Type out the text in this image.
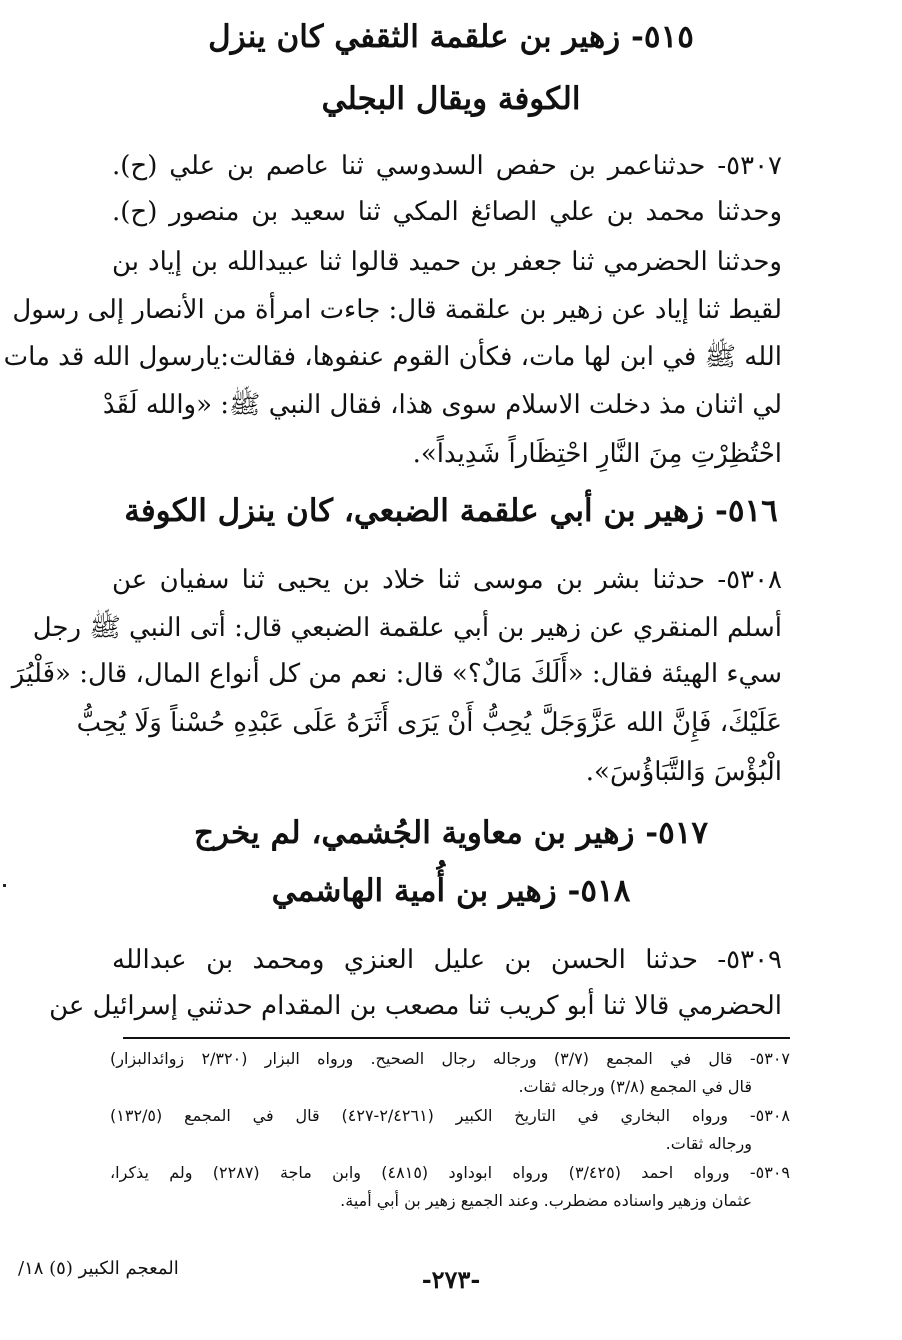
٥١٥- زهير بن علقمة الثقفي كان ينزل
الكوفة ويقال البجلي
٥٣٠٧- حدثناعمر بن حفص السدوسي ثنا عاصم بن علي (ح).
وحدثنا محمد بن علي الصائغ المكي ثنا سعيد بن منصور (ح).
وحدثنا الحضرمي ثنا جعفر بن حميد قالوا ثنا عبيدالله بن إياد بن
لقيط ثنا إياد عن زهير بن علقمة قال: جاءت امرأة من الأنصار إلى رسول
الله ﷺ في ابن لها مات، فكأن القوم عنفوها، فقالت:يارسول الله قد مات
لي اثنان مذ دخلت الاسلام سوى هذا، فقال النبي ﷺ: «والله لَقَدْ
احْتُظِرْتِ مِنَ النَّارِ احْتِظَاراً شَدِيداً».
٥١٦- زهير بن أبي علقمة الضبعي، كان ينزل الكوفة
٥٣٠٨- حدثنا بشر بن موسى ثنا خلاد بن يحيى ثنا سفيان عن
أسلم المنقري عن زهير بن أبي علقمة الضبعي قال: أتى النبي ﷺ رجل
سيء الهيئة فقال: «أَلَكَ مَالٌ؟» قال: نعم من كل أنواع المال، قال: «فَلْيُرَ
عَلَيْكَ، فَإِنَّ الله عَزَّوَجَلَّ يُحِبُّ أَنْ يَرَى أَثَرَهُ عَلَى عَبْدِهِ حُسْناً وَلَا يُحِبُّ
الْبُؤْسَ وَالتَّبَاؤُسَ».
٥١٧- زهير بن معاوية الجُشمي، لم يخرج
٥١٨- زهير بن أُمية الهاشمي
٥٣٠٩- حدثنا الحسن بن عليل العنزي ومحمد بن عبدالله
الحضرمي قالا ثنا أبو كريب ثنا مصعب بن المقدام حدثني إسرائيل عن
٥٣٠٧- قال في المجمع (٣/٧) ورجاله رجال الصحيح. ورواه البزار (٢/٣٢٠ زوائدالبزار)
قال في المجمع (٣/٨) ورجاله ثقات.
٥٣٠٨- ورواه البخاري في التاريخ الكبير (٢/٤٢٦١-٤٢٧) قال في المجمع (١٣٢/٥)
ورجاله ثقات.
٥٣٠٩- ورواه احمد (٣/٤٢٥) ورواه ابوداود (٤٨١٥) وابن ماجة (٢٢٨٧) ولم يذكرا،
عثمان وزهير واسناده مضطرب. وعند الجميع زهير بن أبي أمية.
-٢٧٣-
المعجم الكبير (٥) ١٨/
